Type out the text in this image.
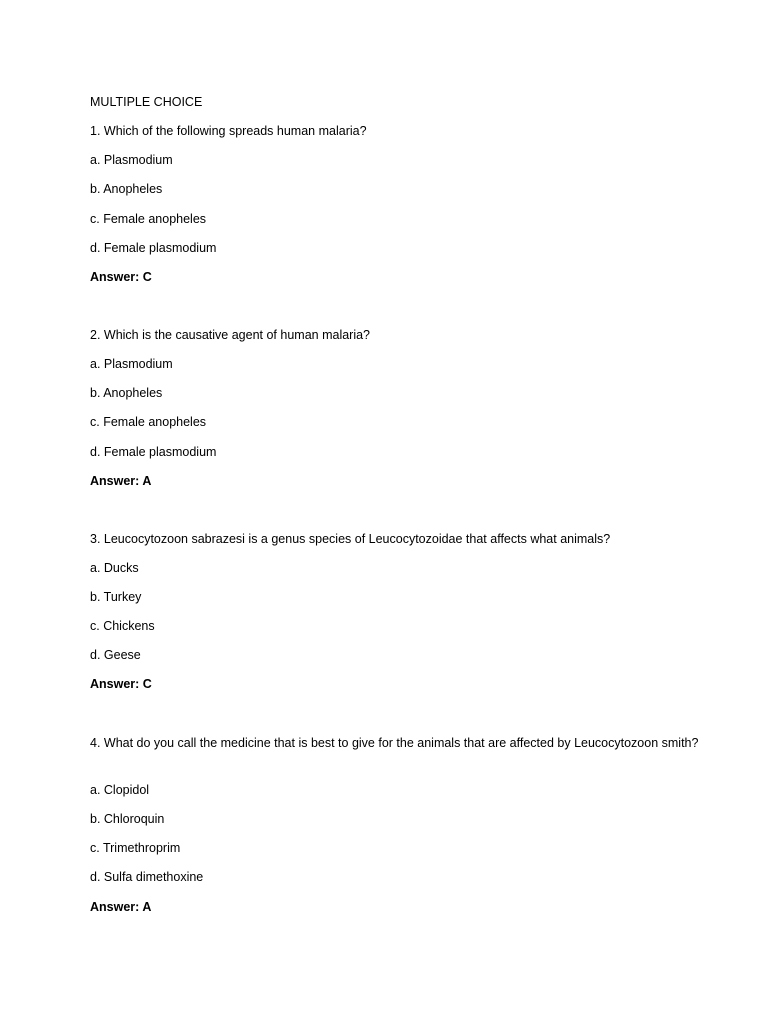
MULTIPLE CHOICE
1. Which of the following spreads human malaria?
a. Plasmodium
b. Anopheles
c. Female anopheles
d. Female plasmodium
Answer: C
2. Which is the causative agent of human malaria?
a. Plasmodium
b. Anopheles
c. Female anopheles
d. Female plasmodium
Answer: A
3. Leucocytozoon sabrazesi is a genus species of Leucocytozoidae that affects what animals?
a. Ducks
b. Turkey
c. Chickens
d. Geese
Answer: C
4. What do you call the medicine that is best to give for the animals that are affected by Leucocytozoon smith?
a. Clopidol
b. Chloroquin
c. Trimethroprim
d. Sulfa dimethoxine
Answer: A
